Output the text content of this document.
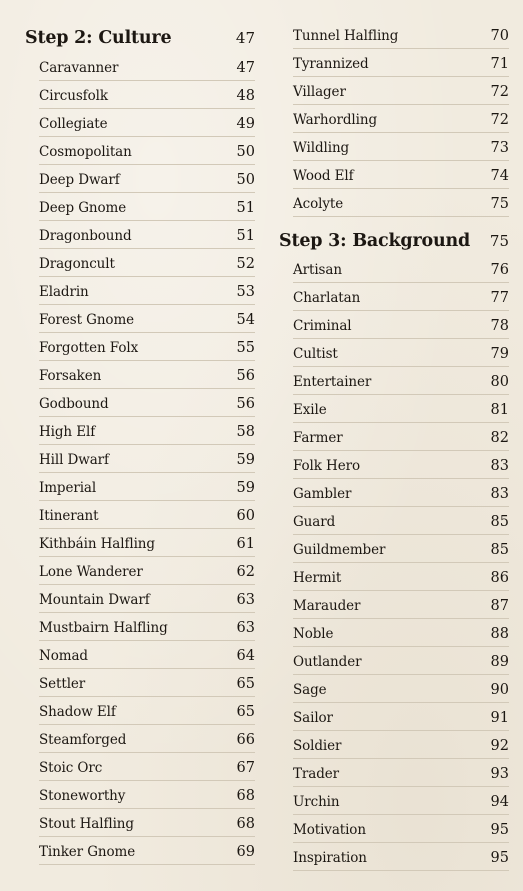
Step 2: Culture	47
Caravanner	47
Circusfolk	48
Collegiate	49
Cosmopolitan	50
Deep Dwarf	50
Deep Gnome	51
Dragonbound	51
Dragoncult	52
Eladrin	53
Forest Gnome	54
Forgotten Folx	55
Forsaken	56
Godbound	56
High Elf	58
Hill Dwarf	59
Imperial	59
Itinerant	60
Kithbáin Halfling	61
Lone Wanderer	62
Mountain Dwarf	63
Mustbairn Halfling	63
Nomad	64
Settler	65
Shadow Elf	65
Steamforged	66
Stoic Orc	67
Stoneworthy	68
Stout Halfling	68
Tinker Gnome	69
Tunnel Halfling	70
Tyrannized	71
Villager	72
Warhordling	72
Wildling	73
Wood Elf	74
Acolyte	75
Step 3: Background 75
Artisan	76
Charlatan	77
Criminal	78
Cultist	79
Entertainer	80
Exile	81
Farmer	82
Folk Hero	83
Gambler	83
Guard	85
Guildmember	85
Hermit	86
Marauder	87
Noble	88
Outlander	89
Sage	90
Sailor	91
Soldier	92
Trader	93
Urchin	94
Motivation	95
Inspiration	95
